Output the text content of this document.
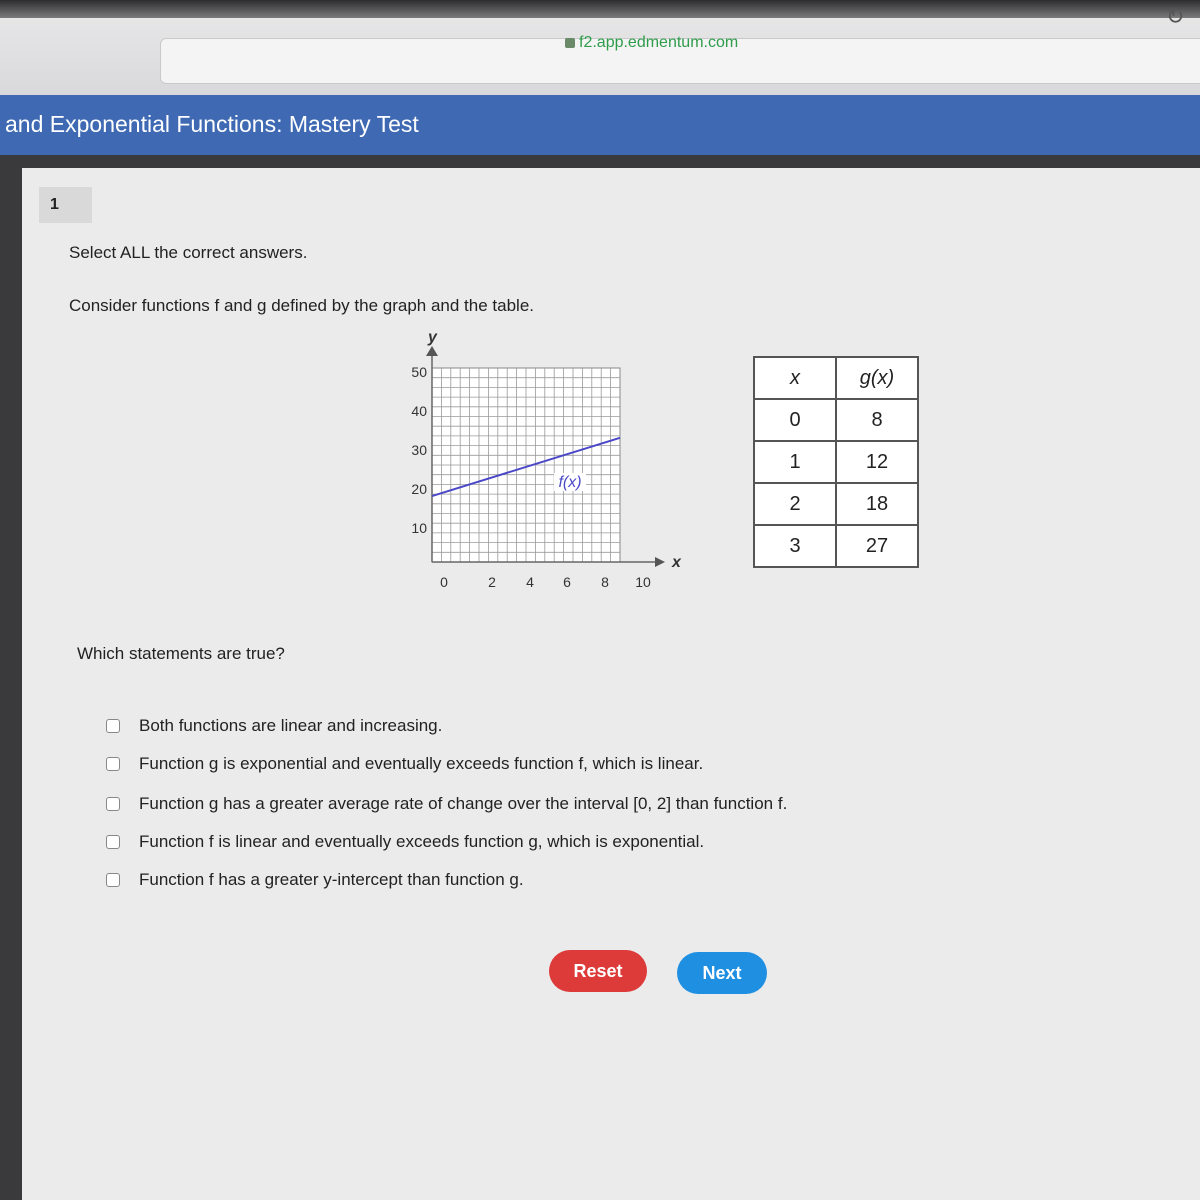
f2.app.edmentum.com
↻
and Exponential Functions: Mastery Test
1
Select ALL the correct answers.
Consider functions f and g defined by the graph and the table.
y
x
50
40
30
20
10
0	2 4 6 8 10
f(x)
x	g(x)
0	8
1	12
2	18
3	27
Which statements are true?
Both functions are linear and increasing.
Function g is exponential and eventually exceeds function f, which is linear.
Function g has a greater average rate of change over the interval [0, 2] than function f.
Function f is linear and eventually exceeds function g, which is exponential.
Function f has a greater y-intercept than function g.
Reset	Next
